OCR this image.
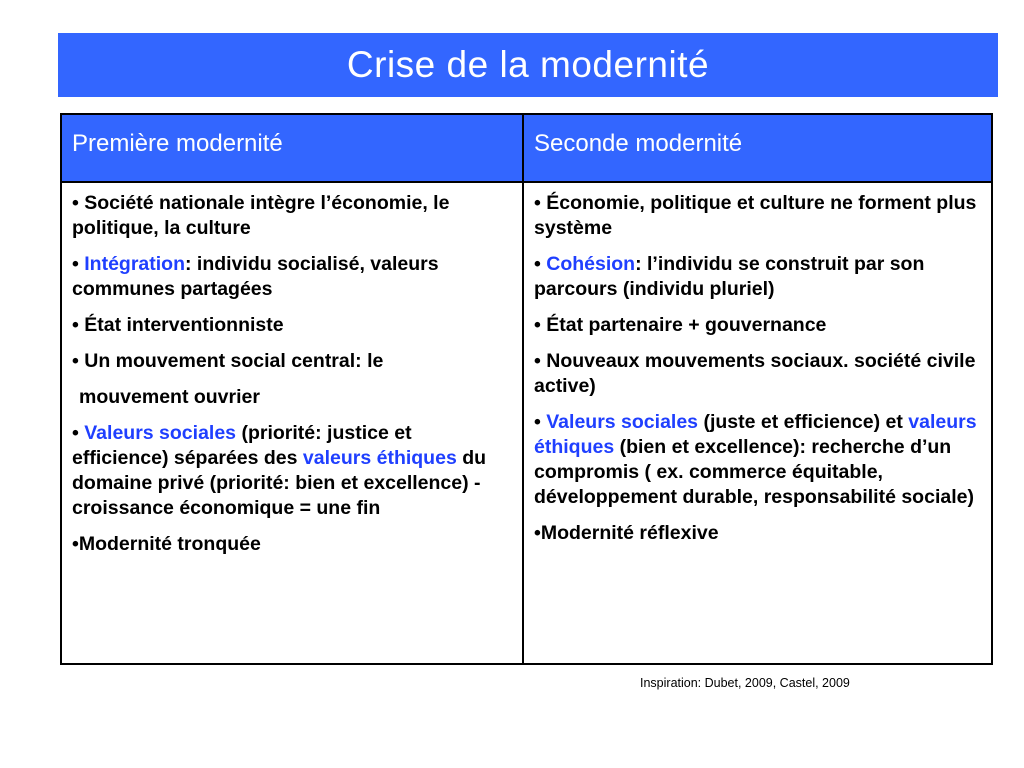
Crise de la modernité
Première modernité	Seconde modernité
• Société nationale intègre l’économie, le politique, la culture
• Intégration: individu socialisé, valeurs communes partagées
• État interventionniste
• Un mouvement social central: le
mouvement ouvrier
• Valeurs sociales (priorité: justice et efficience) séparées des valeurs éthiques du domaine privé (priorité: bien et excellence) - croissance économique = une fin
•Modernité tronquée
• Économie, politique et culture ne forment plus système
• Cohésion: l’individu se construit par son parcours (individu pluriel)
• État partenaire + gouvernance
• Nouveaux mouvements sociaux. société civile active)
• Valeurs sociales (juste et efficience) et valeurs éthiques (bien et excellence): recherche d’un compromis ( ex. commerce équitable, développement durable, responsabilité sociale)
•Modernité réflexive
Inspiration: Dubet, 2009, Castel, 2009
